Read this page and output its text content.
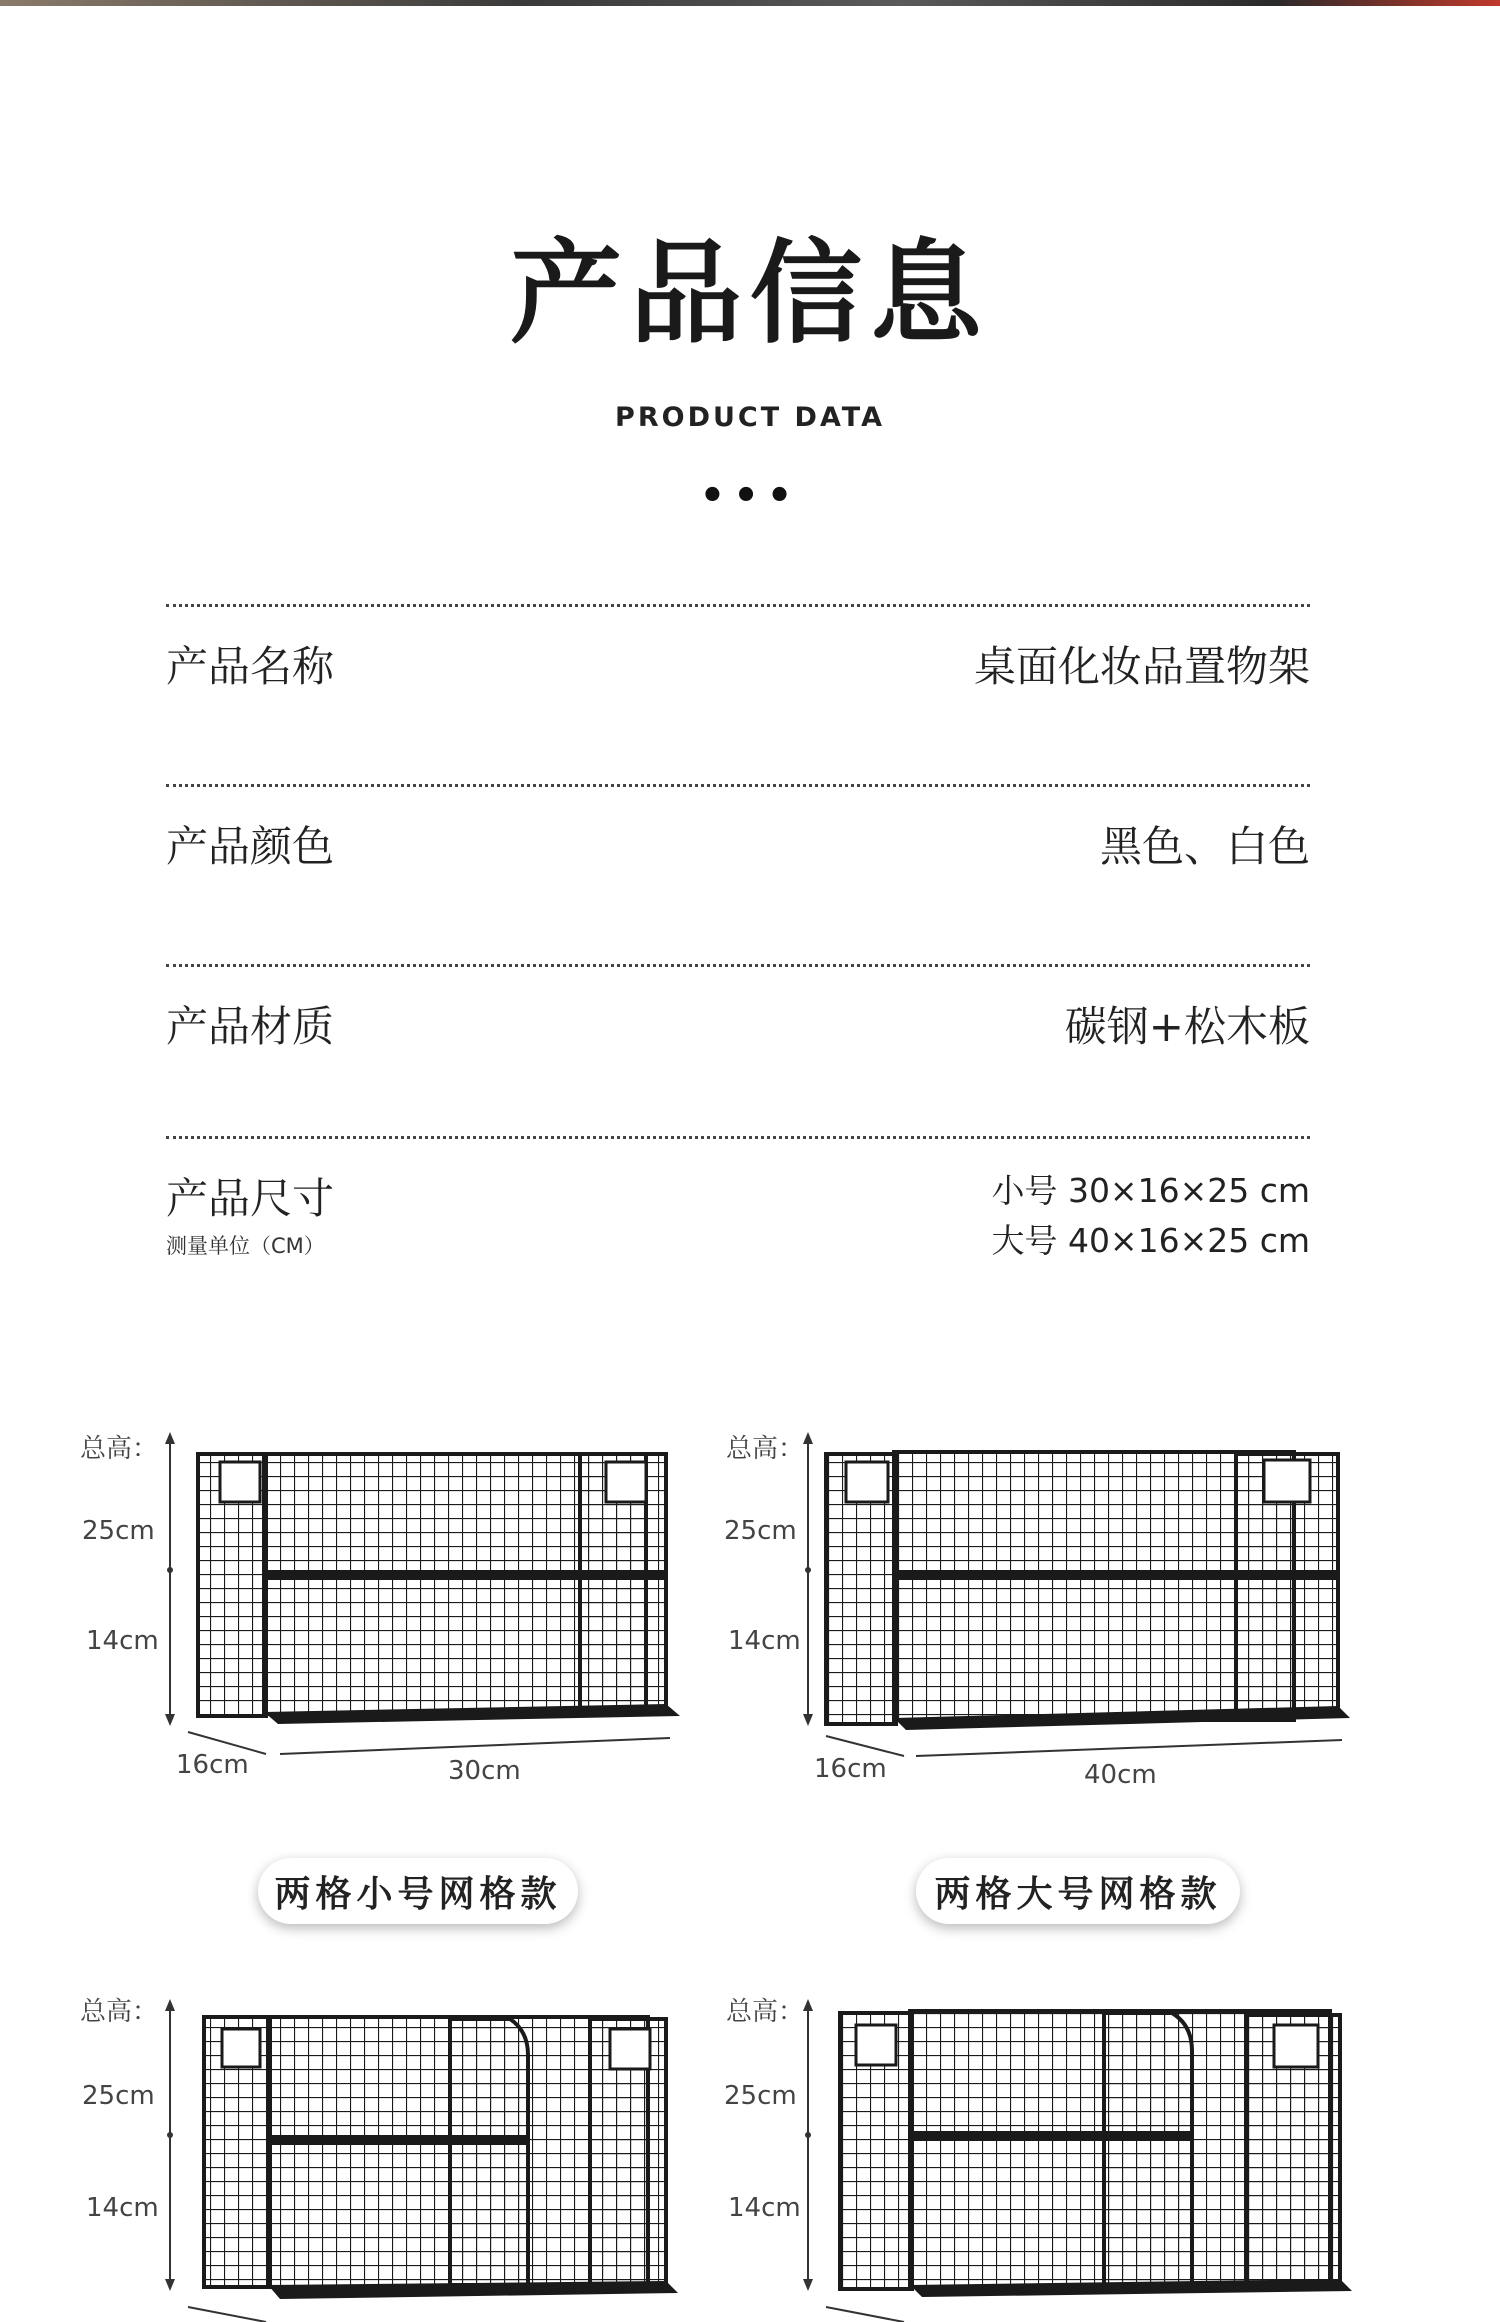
产品信息
PRODUCT DATA
•••
产品名称	桌面化妆品置物架
产品颜色	黑色、白色
产品材质	碳钢+松木板
产品尺寸
测量单位（CM）
小号 30×16×25 cm
大号 40×16×25 cm
总高：
25cm
14cm
16cm	30cm
两格小号网格款
总高：
25cm
14cm
16cm	40cm
两格大号网格款
总高：
25cm
14cm
总高：
25cm
14cm
